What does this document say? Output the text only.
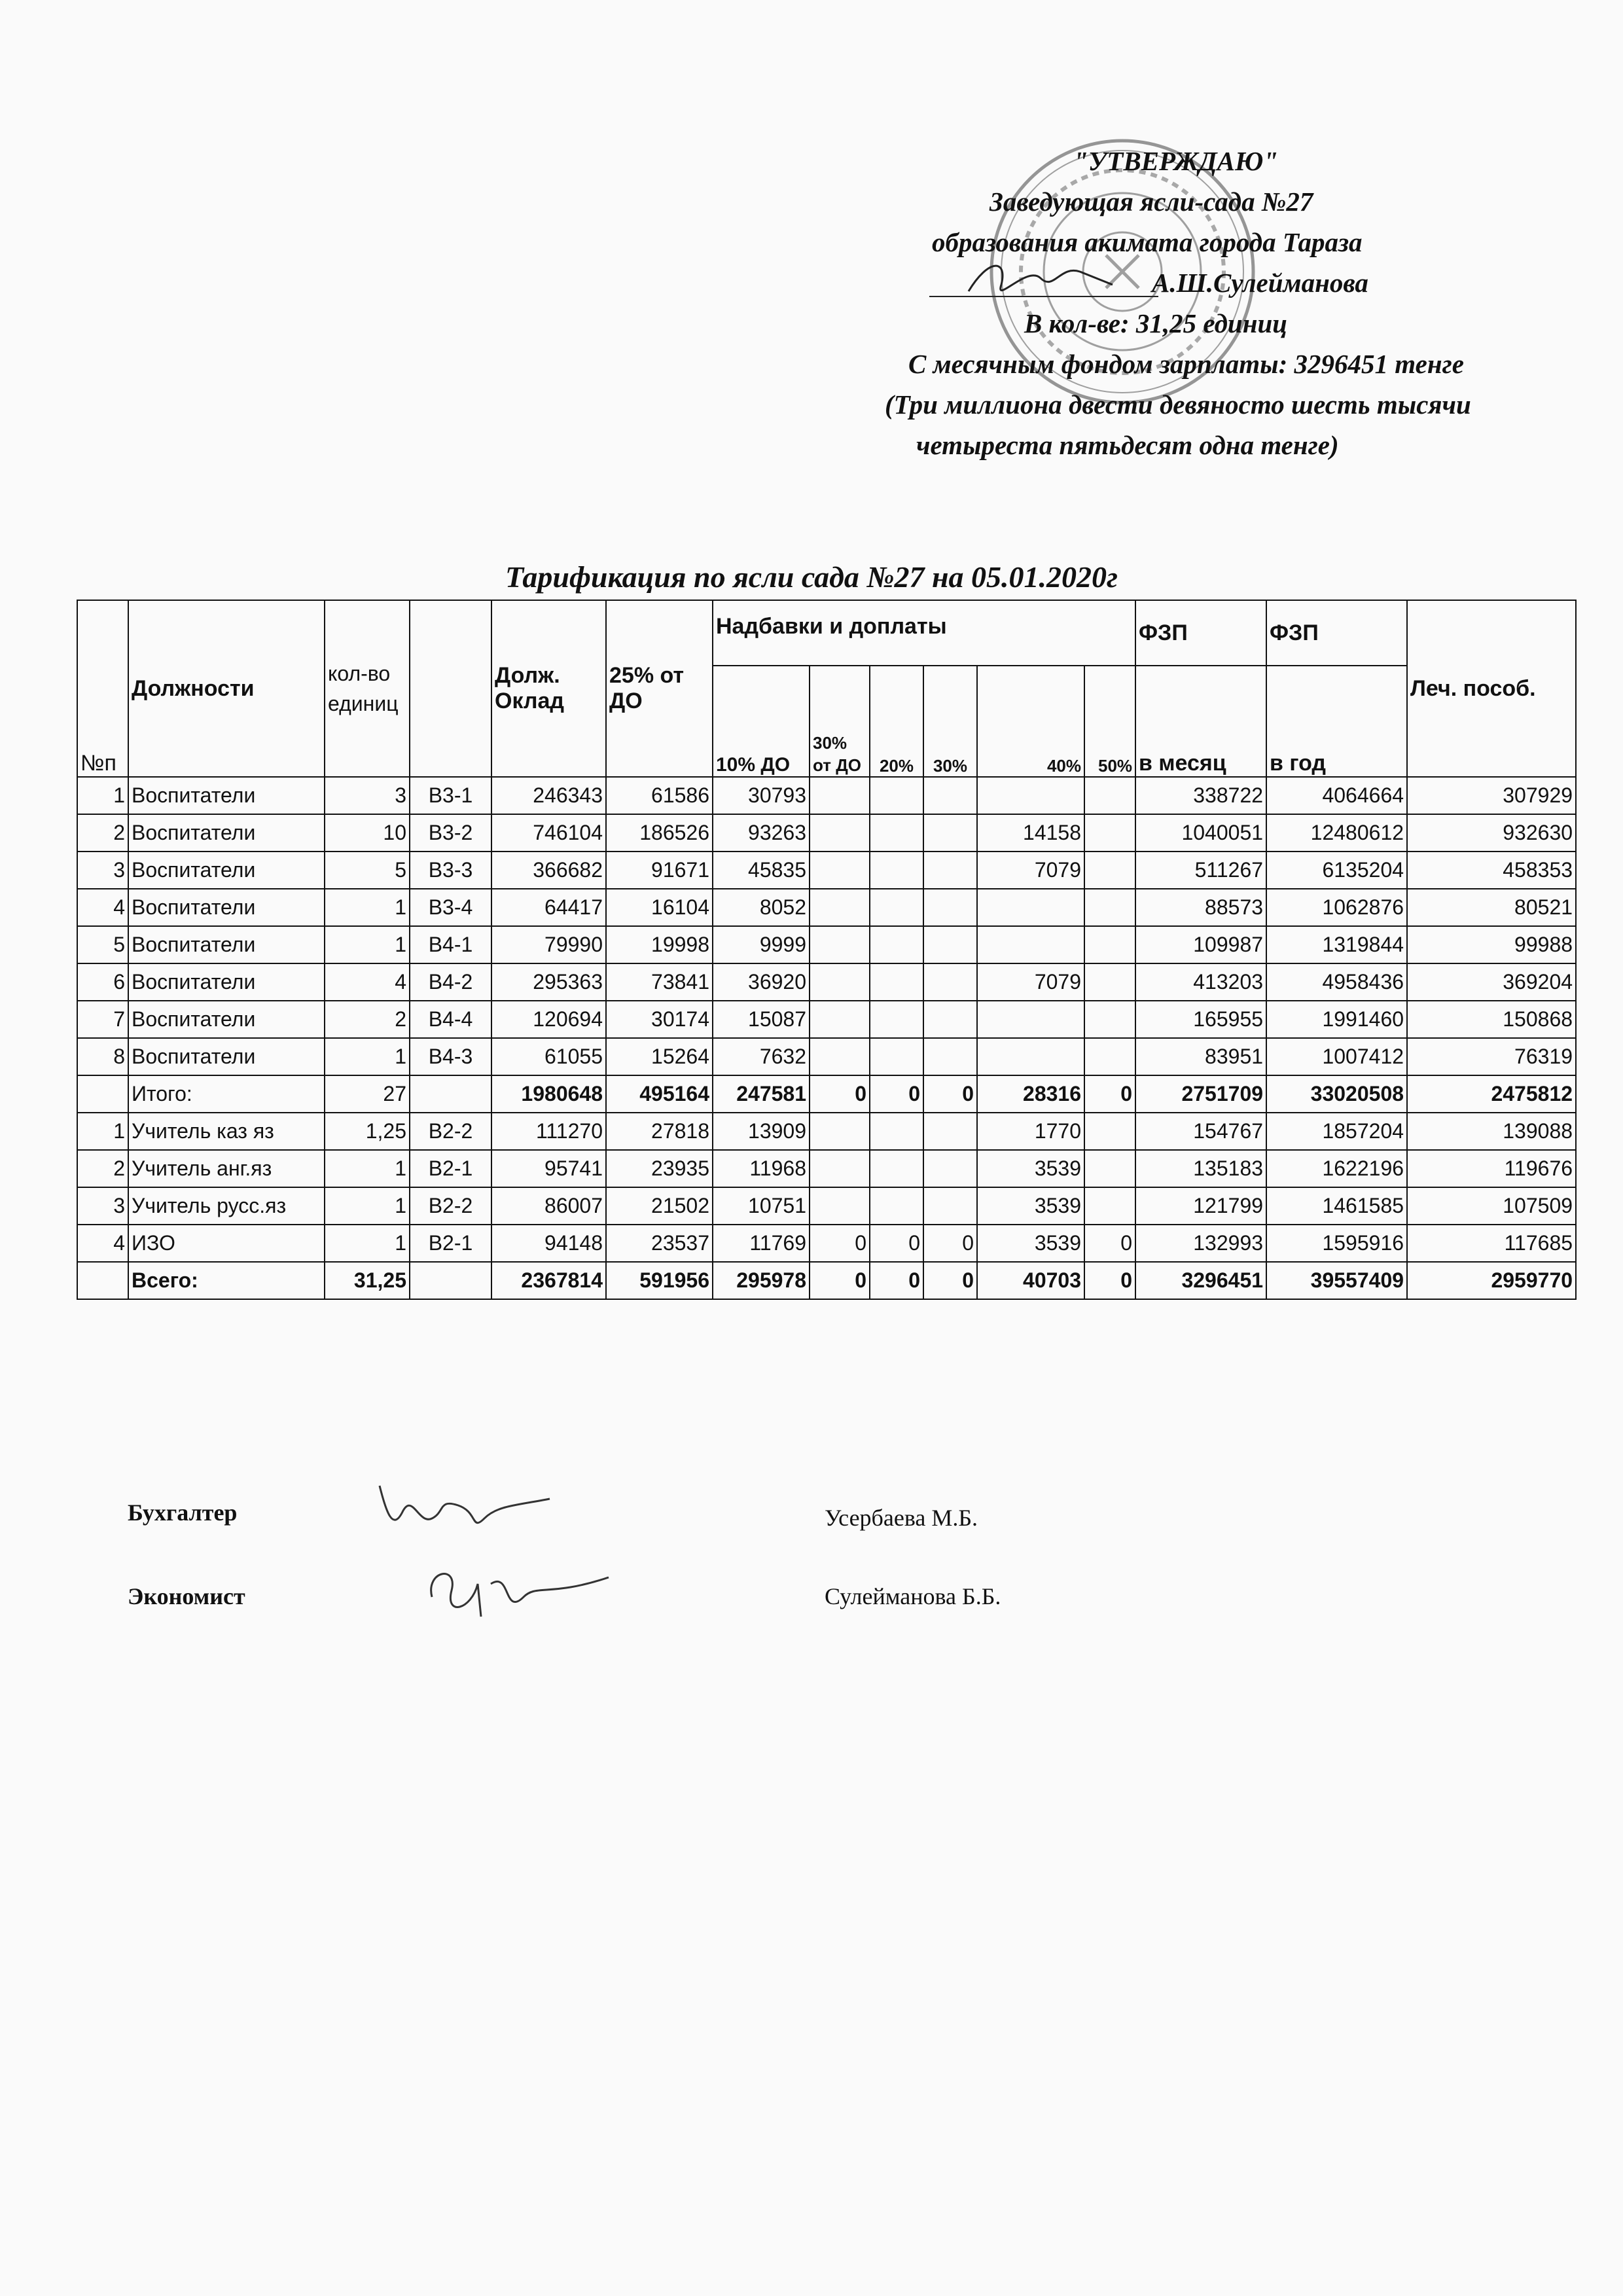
"УТВЕРЖДАЮ"
Заведующая ясли-сада №27
образования акимата города Тараза
А.Ш.Сулейманова
В кол-ве: 31,25 единиц
С месячным фондом зарплаты: 3296451 тенге
(Три миллиона двести девяносто шесть тысячи
четыреста пятьдесят одна тенге)
Тарификация по ясли сада №27 на 05.01.2020г
№п	Должности	кол-во единиц		Долж. Оклад	25% от ДО	Надбавки и доплаты						ФЗП	ФЗП	Леч. пособ.
						10% ДО	30% от ДО	20%	30%	40%	50%	в месяц	в год	
1	Воспитатели	3	В3-1	246343	61586	30793						338722	4064664	307929
2	Воспитатели	10	В3-2	746104	186526	93263				14158		1040051	12480612	932630
3	Воспитатели	5	В3-3	366682	91671	45835				7079		511267	6135204	458353
4	Воспитатели	1	В3-4	64417	16104	8052						88573	1062876	80521
5	Воспитатели	1	В4-1	79990	19998	9999						109987	1319844	99988
6	Воспитатели	4	В4-2	295363	73841	36920				7079		413203	4958436	369204
7	Воспитатели	2	В4-4	120694	30174	15087						165955	1991460	150868
8	Воспитатели	1	В4-3	61055	15264	7632						83951	1007412	76319
	Итого:	27		1980648	495164	247581	0	0	0	28316	0	2751709	33020508	2475812
1	Учитель каз яз	1,25	В2-2	111270	27818	13909				1770		154767	1857204	139088
2	Учитель анг.яз	1	В2-1	95741	23935	11968				3539		135183	1622196	119676
3	Учитель русс.яз	1	В2-2	86007	21502	10751				3539		121799	1461585	107509
4	ИЗО	1	В2-1	94148	23537	11769	0	0	0	3539	0	132993	1595916	117685
	Всего:	31,25		2367814	591956	295978	0	0	0	40703	0	3296451	39557409	2959770
Бухгалтер	Усербаева М.Б.
Экономист	Сулейманова Б.Б.
